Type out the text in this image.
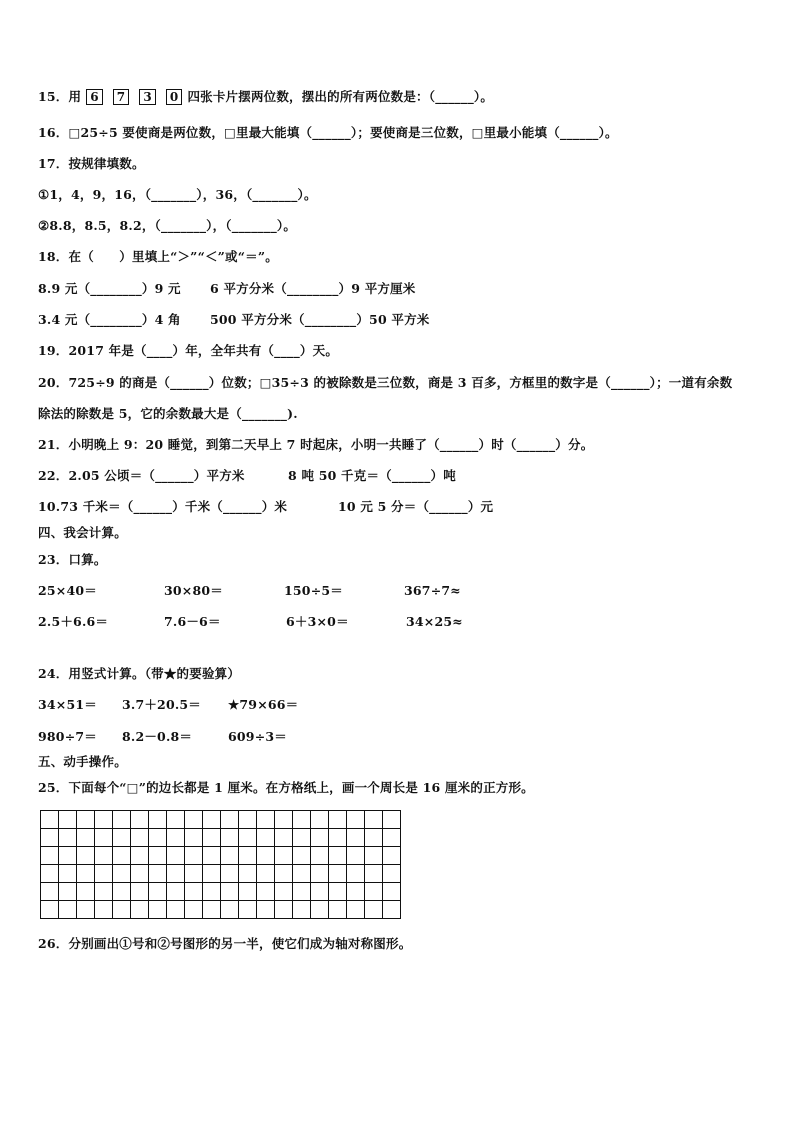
15．用 6 7 3 0 四张卡片摆两位数，摆出的所有两位数是：（______）。
16．□25÷5 要使商是两位数，□里最大能填（______）；要使商是三位数，□里最小能填（______）。
17．按规律填数。
①1，4，9，16，（_______），36，（_______）。
②8.8，8.5，8.2，（_______），（_______）。
18．在（　　）里填上“＞”“＜”或“＝”。
8.9 元（________）9 元 6 平方分米（________）9 平方厘米
3.4 元（________）4 角 500 平方分米（________）50 平方米
19．2017 年是（____）年，全年共有（____）天。
20．725÷9 的商是（______）位数；□35÷3 的被除数是三位数，商是 3 百多，方框里的数字是（______）；一道有余数
除法的除数是 5，它的余数最大是（_______).
21．小明晚上 9：20 睡觉，到第二天早上 7 时起床，小明一共睡了（______）时（______）分。
22．2.05 公顷＝（______）平方米	8 吨 50 千克＝（______）吨
10.73 千米＝（______）千米（______）米	10 元 5 分＝（______）元
四、我会计算。
23．口算。
25×40＝	30×80＝	150÷5＝	367÷7≈
2.5＋6.6＝	7.6－6＝	6＋3×0＝	34×25≈
24．用竖式计算。（带★的要验算）
34×51＝ 3.7＋20.5＝ ★79×66＝
980÷7＝ 8.2－0.8＝	609÷3＝
五、动手操作。
25．下面每个“□”的边长都是 1 厘米。在方格纸上，画一个周长是 16 厘米的正方形。

26．分别画出①号和②号图形的另一半，使它们成为轴对称图形。
